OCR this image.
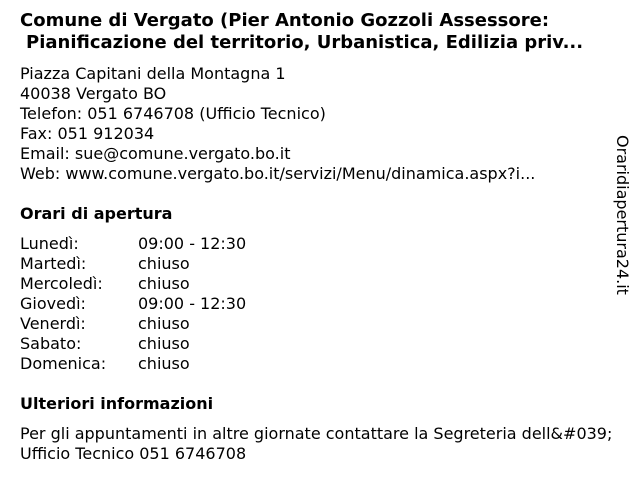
Comune di Vergato (Pier Antonio Gozzoli Assessore:
Pianificazione del territorio, Urbanistica, Edilizia priv...
Piazza Capitani della Montagna 1
40038 Vergato BO
Telefon: 051 6746708 (Ufficio Tecnico)
Fax: 051 912034
Email: sue@comune.vergato.bo.it
Web: www.comune.vergato.bo.it/servizi/Menu/dinamica.aspx?i...
Orari di apertura
Lunedì:	09:00 - 12:30
Martedì:	chiuso
Mercoledì:	chiuso
Giovedì:	09:00 - 12:30
Venerdì:	chiuso
Sabato:	chiuso
Domenica:	chiuso
Ulteriori informazioni
Per gli appuntamenti in altre giornate contattare la Segreteria dell&#039;Ufficio Tecnico 051 6746708
Oraridiapertura24.it
